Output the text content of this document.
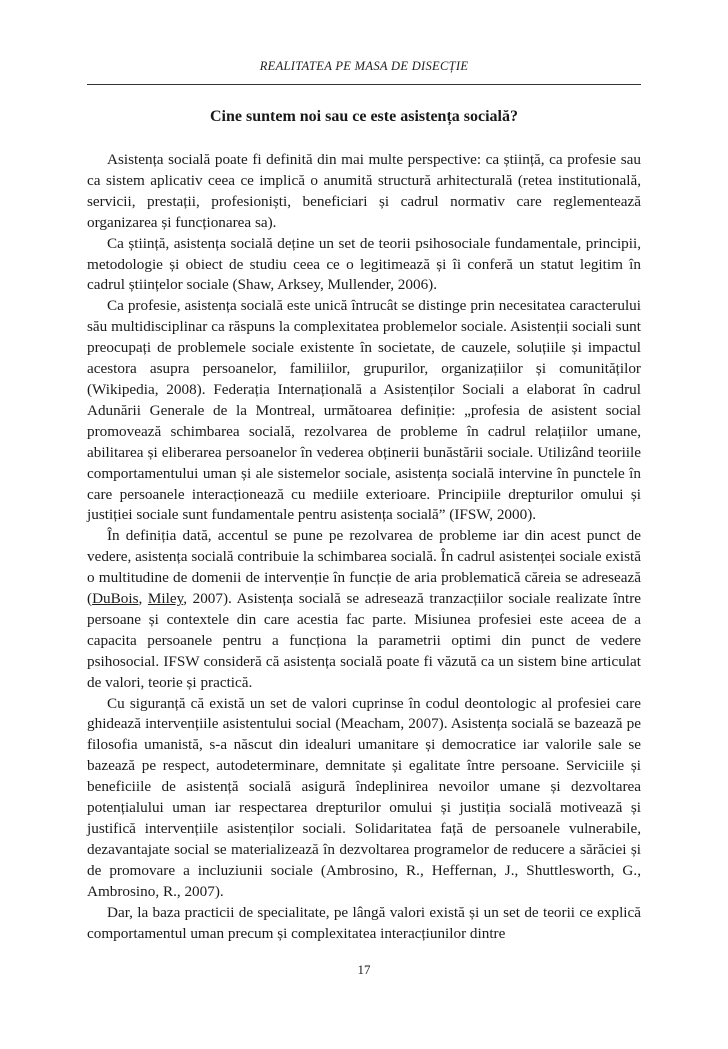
REALITATEA PE MASA DE DISECȚIE
Cine suntem noi sau ce este asistența socială?

Asistența socială poate fi definită din mai multe perspective: ca știință, ca profesie sau ca sistem aplicativ ceea ce implică o anumită structură arhitecturală (retea institutională, servicii, prestații, profesioniști, beneficiari și cadrul normativ care reglementează organizarea și funcționarea sa).

Ca știință, asistența socială deține un set de teorii psihosociale fundamentale, principii, metodologie și obiect de studiu ceea ce o legitimează și îi conferă un statut legitim în cadrul științelor sociale (Shaw, Arksey, Mullender, 2006).

Ca profesie, asistența socială este unică întrucât se distinge prin necesitatea caracterului său multidisciplinar ca răspuns la complexitatea problemelor sociale. Asistenții sociali sunt preocupați de problemele sociale existente în societate, de cauzele, soluțiile și impactul acestora asupra persoanelor, familiilor, grupurilor, organizațiilor și comunităților (Wikipedia, 2008). Federația Internațională a Asistenților Sociali a elaborat în cadrul Adunării Generale de la Montreal, următoarea definiție: „profesia de asistent social promovează schimbarea socială, rezolvarea de probleme în cadrul relațiilor umane, abilitarea și eliberarea persoanelor în vederea obținerii bunăstării sociale. Utilizând teoriile comportamentului uman și ale sistemelor sociale, asistența socială intervine în punctele în care persoanele interacționează cu mediile exterioare. Principiile drepturilor omului și justiției sociale sunt fundamentale pentru asistența socială” (IFSW, 2000).

În definiția dată, accentul se pune pe rezolvarea de probleme iar din acest punct de vedere, asistența socială contribuie la schimbarea socială. În cadrul asistenței sociale există o multitudine de domenii de intervenție în funcție de aria problematică căreia se adresează (DuBois, Miley, 2007). Asistența socială se adresează tranzacțiilor sociale realizate între persoane și contextele din care acestia fac parte. Misiunea profesiei este aceea de a capacita persoanele pentru a funcționa la parametrii optimi din punct de vedere psihosocial. IFSW consideră că asistența socială poate fi văzută ca un sistem bine articulat de valori, teorie și practică.

Cu siguranță că există un set de valori cuprinse în codul deontologic al profesiei care ghidează intervențiile asistentului social (Meacham, 2007). Asistența socială se bazează pe filosofia umanistă, s-a născut din idealuri umanitare și democratice iar valorile sale se bazează pe respect, autodeterminare, demnitate și egalitate între persoane. Serviciile și beneficiile de asistență socială asigură îndeplinirea nevoilor umane și dezvoltarea potențialului uman iar respectarea drepturilor omului și justiția socială motivează și justifică intervențiile asistenților sociali. Solidaritatea față de persoanele vulnerabile, dezavantajate social se materializează în dezvoltarea programelor de reducere a sărăciei și de promovare a incluziunii sociale (Ambrosino, R., Heffernan, J., Shuttlesworth, G., Ambrosino, R., 2007).

Dar, la baza practicii de specialitate, pe lângă valori există și un set de teorii ce explică comportamentul uman precum și complexitatea interacțiunilor dintre

17
